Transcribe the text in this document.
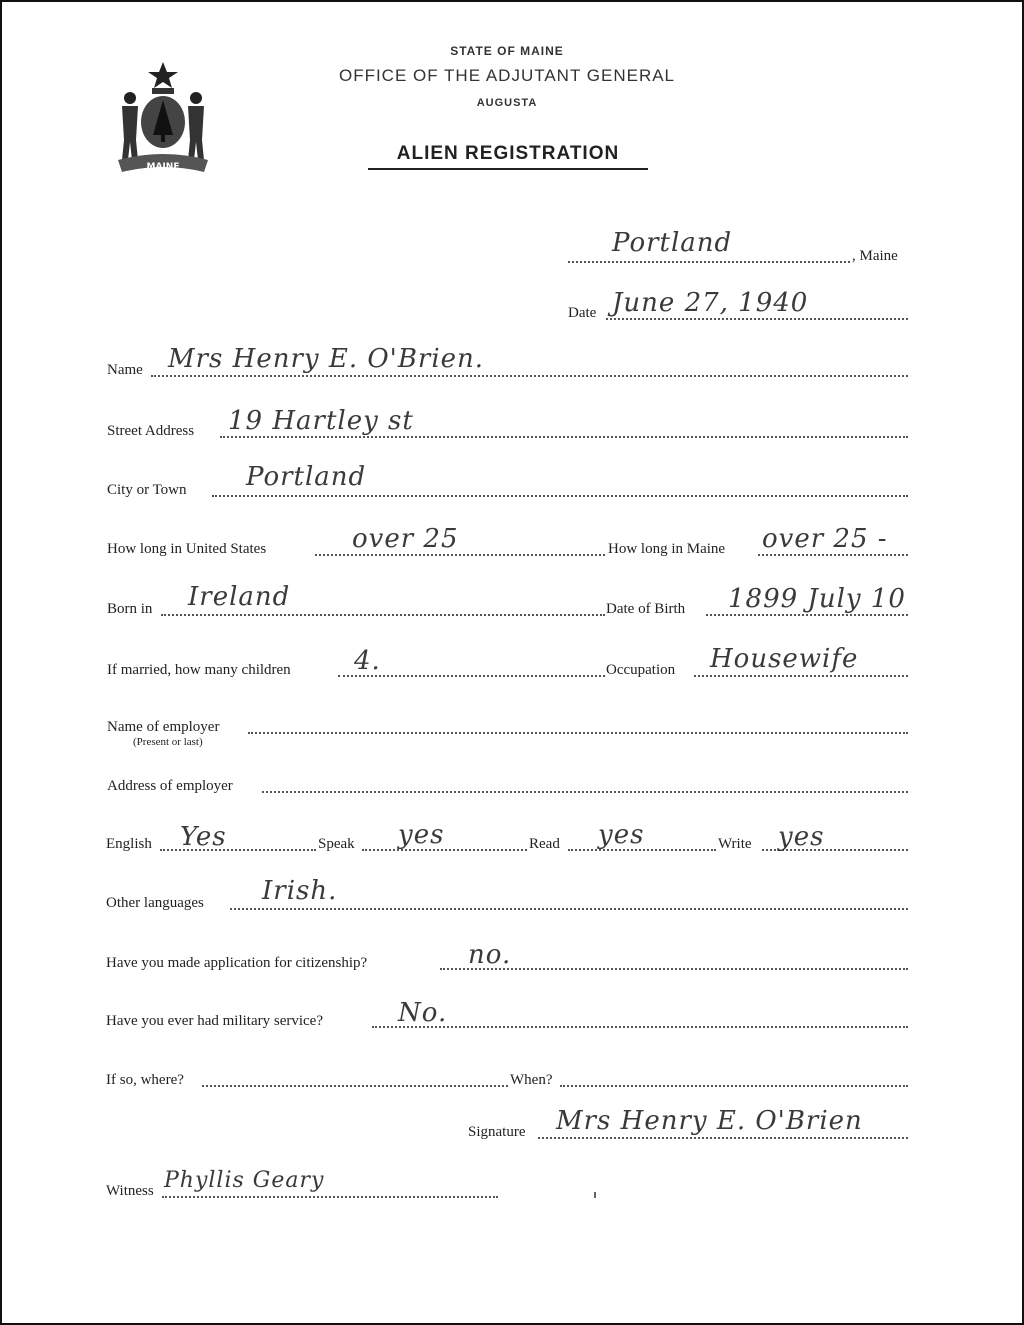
MAINE
STATE OF MAINE
OFFICE OF THE ADJUTANT GENERAL
AUGUSTA
ALIEN REGISTRATION
Portland	, Maine
Date June 27, 1940
Name Mrs Henry E. O'Brien.
Street Address 19 Hartley st
City or Town Portland
How long in United States	over 25	How long in Maine over 25 -
Born in Ireland	Date of Birth 1899 July 10
If married, how many children 4.	Occupation Housewife
Name of employer
(Present or last)
Address of employer
English Yes	Speak yes	Read yes	Write yes
Other languages Irish.
Have you made application for citizenship?	no.
Have you ever had military service?	No.
If so, where?	When?
Signature Mrs Henry E. O'Brien
Witness Phyllis Geary
